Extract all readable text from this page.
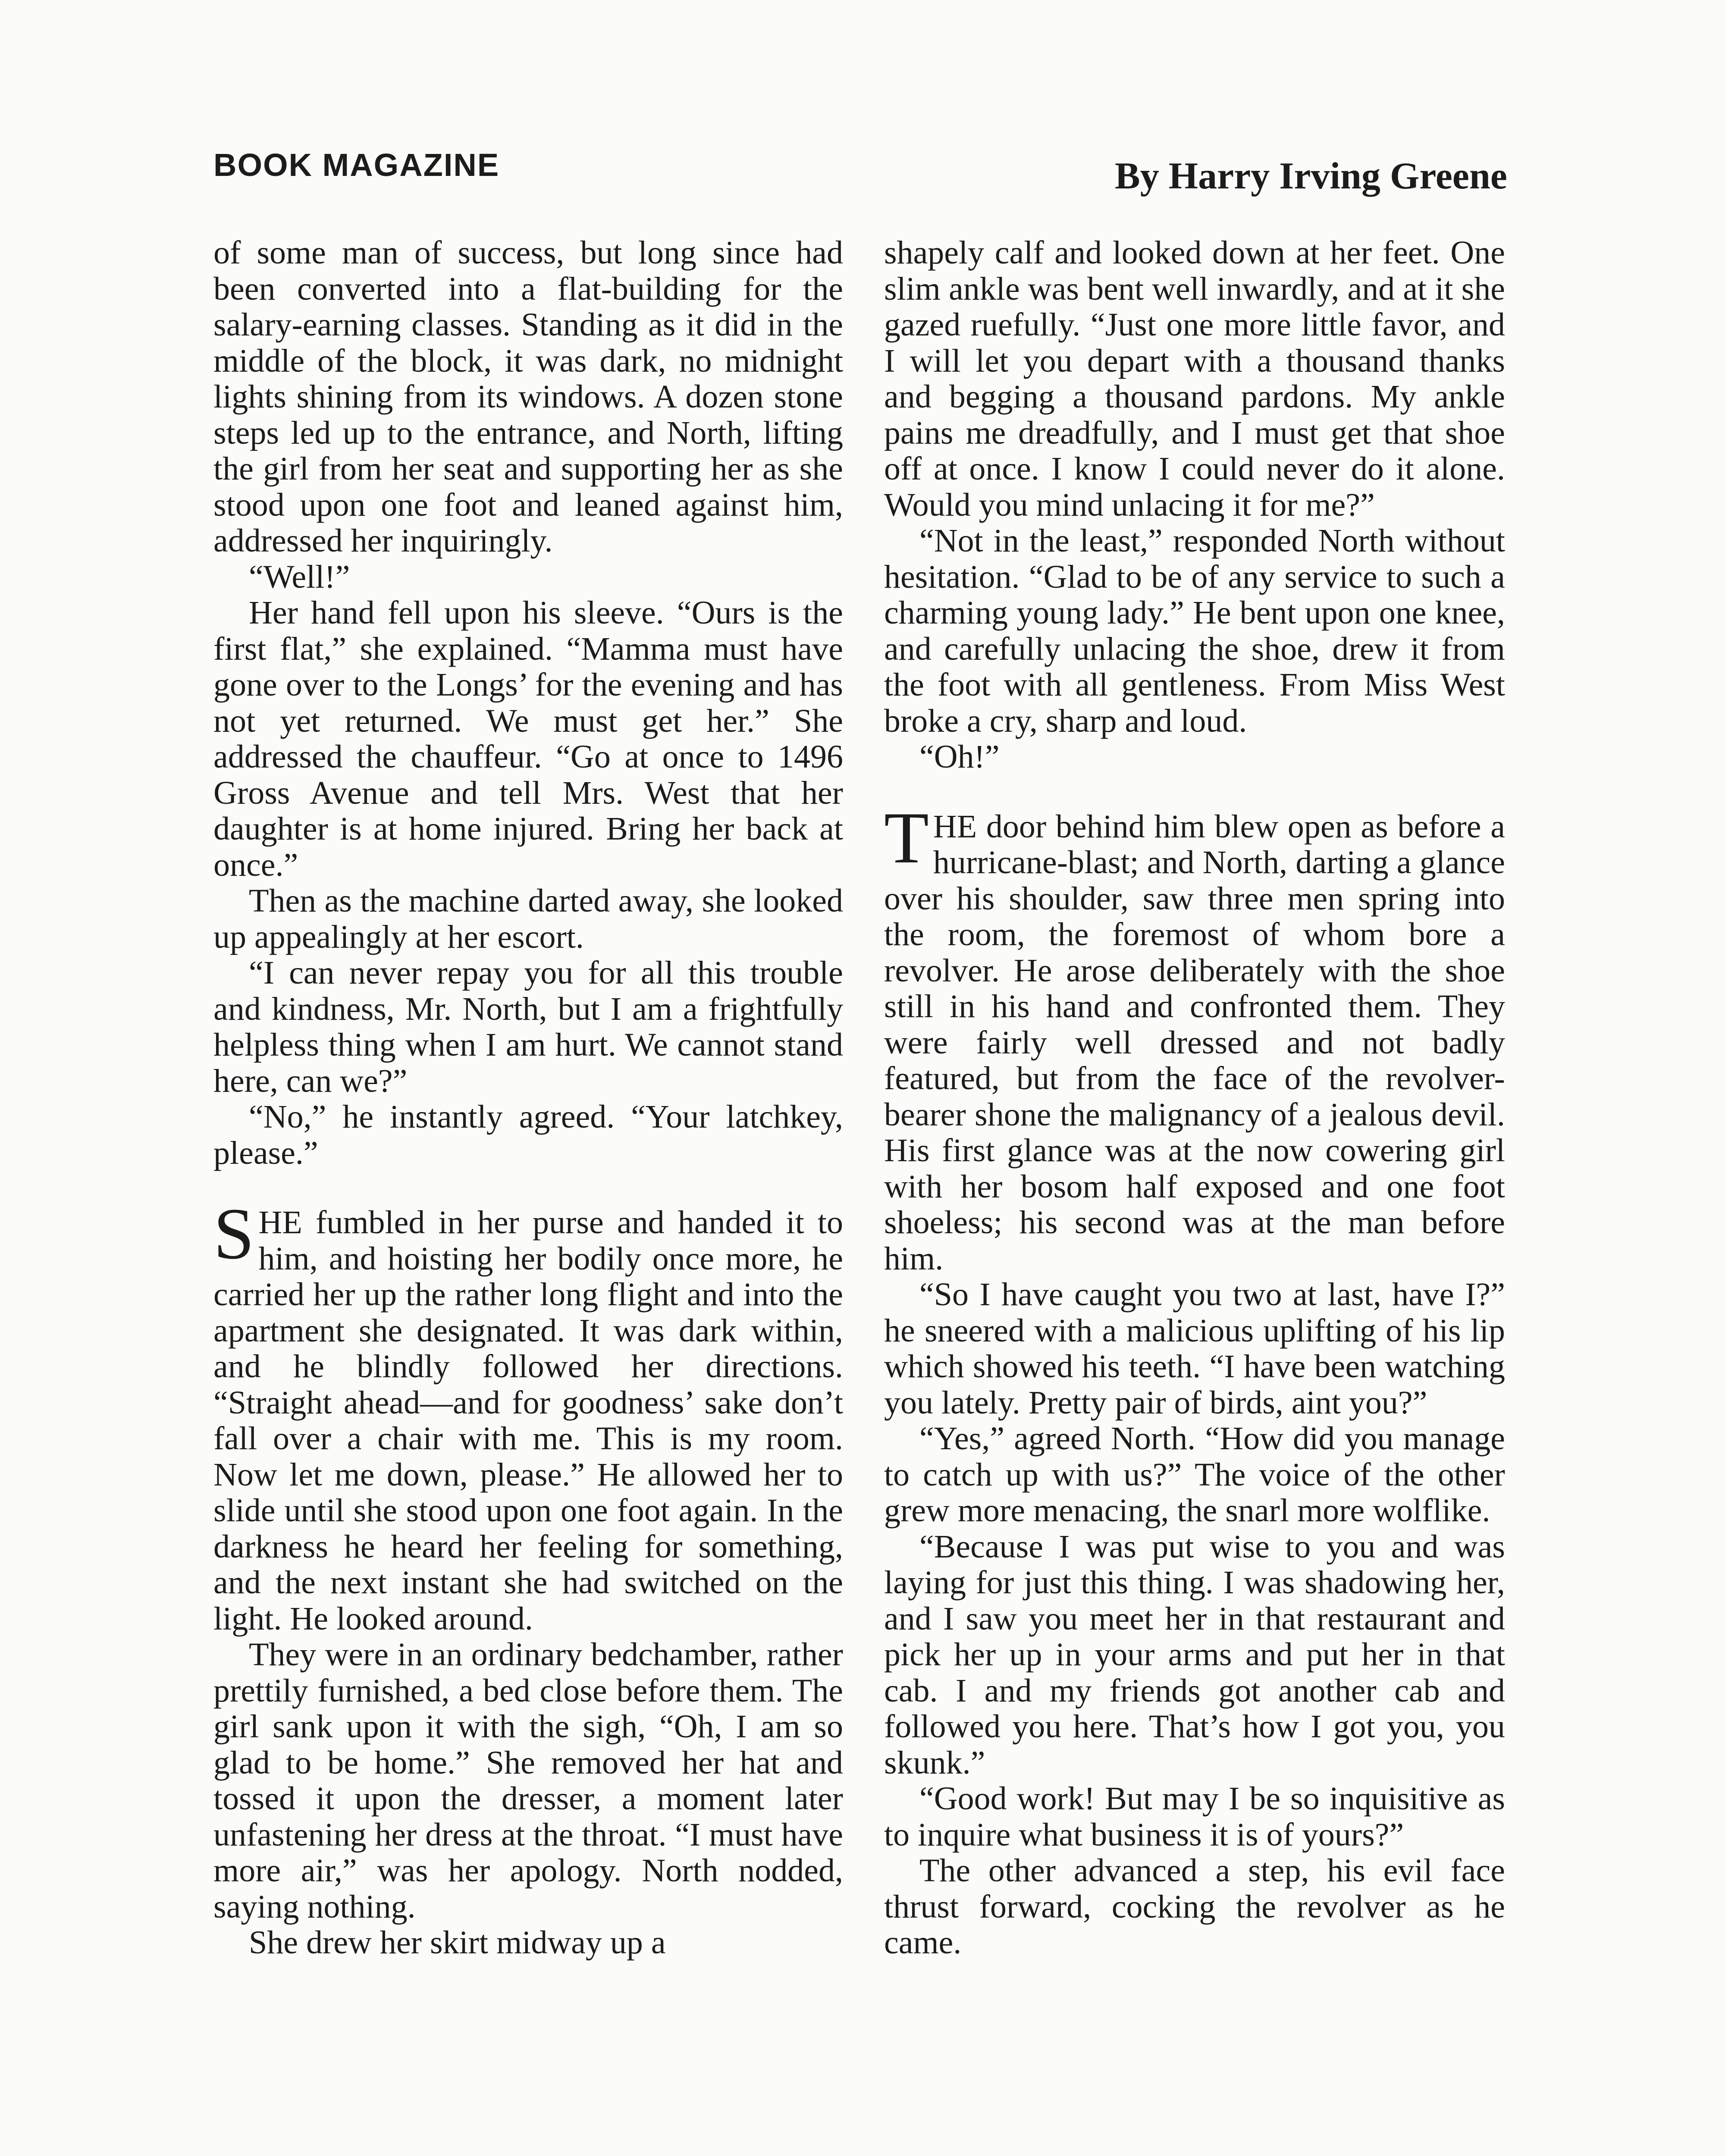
BOOK MAGAZINE	By Harry Irving Greene

of some man of success, but long since had been converted into a flat-building for the salary-earning classes. Standing as it did in the middle of the block, it was dark, no midnight lights shining from its windows. A dozen stone steps led up to the entrance, and North, lifting the girl from her seat and supporting her as she stood upon one foot and leaned against him, addressed her inquiringly.

“Well!”

Her hand fell upon his sleeve. “Ours is the first flat,” she explained. “Mamma must have gone over to the Longs’ for the evening and has not yet returned. We must get her.” She addressed the chauffeur. “Go at once to 1496 Gross Avenue and tell Mrs. West that her daughter is at home injured. Bring her back at once.”

Then as the machine darted away, she looked up appealingly at her escort.

“I can never repay you for all this trouble and kindness, Mr. North, but I am a frightfully helpless thing when I am hurt. We cannot stand here, can we?”

“No,” he instantly agreed. “Your latchkey, please.”

SHE fumbled in her purse and handed it to him, and hoisting her bodily once more, he carried her up the rather long flight and into the apartment she designated. It was dark within, and he blindly followed her directions. “Straight ahead—and for goodness’ sake don’t fall over a chair with me. This is my room. Now let me down, please.” He allowed her to slide until she stood upon one foot again. In the darkness he heard her feeling for something, and the next instant she had switched on the light. He looked around.

They were in an ordinary bedchamber, rather prettily furnished, a bed close before them. The girl sank upon it with the sigh, “Oh, I am so glad to be home.” She removed her hat and tossed it upon the dresser, a moment later unfastening her dress at the throat. “I must have more air,” was her apology. North nodded, saying nothing.

She drew her skirt midway up a

shapely calf and looked down at her feet. One slim ankle was bent well inwardly, and at it she gazed ruefully. “Just one more little favor, and I will let you depart with a thousand thanks and begging a thousand pardons. My ankle pains me dreadfully, and I must get that shoe off at once. I know I could never do it alone. Would you mind unlacing it for me?”

“Not in the least,” responded North without hesitation. “Glad to be of any service to such a charming young lady.” He bent upon one knee, and carefully unlacing the shoe, drew it from the foot with all gentleness. From Miss West broke a cry, sharp and loud.

“Oh!”

THE door behind him blew open as before a hurricane-blast; and North, darting a glance over his shoulder, saw three men spring into the room, the foremost of whom bore a revolver. He arose deliberately with the shoe still in his hand and confronted them. They were fairly well dressed and not badly featured, but from the face of the revolver-bearer shone the malignancy of a jealous devil. His first glance was at the now cowering girl with her bosom half exposed and one foot shoeless; his second was at the man before him.

“So I have caught you two at last, have I?” he sneered with a malicious uplifting of his lip which showed his teeth. “I have been watching you lately. Pretty pair of birds, aint you?”

“Yes,” agreed North. “How did you manage to catch up with us?” The voice of the other grew more menacing, the snarl more wolflike.

“Because I was put wise to you and was laying for just this thing. I was shadowing her, and I saw you meet her in that restaurant and pick her up in your arms and put her in that cab. I and my friends got another cab and followed you here. That’s how I got you, you skunk.”

“Good work! But may I be so inquisitive as to inquire what business it is of yours?”

The other advanced a step, his evil face thrust forward, cocking the revolver as he came.
